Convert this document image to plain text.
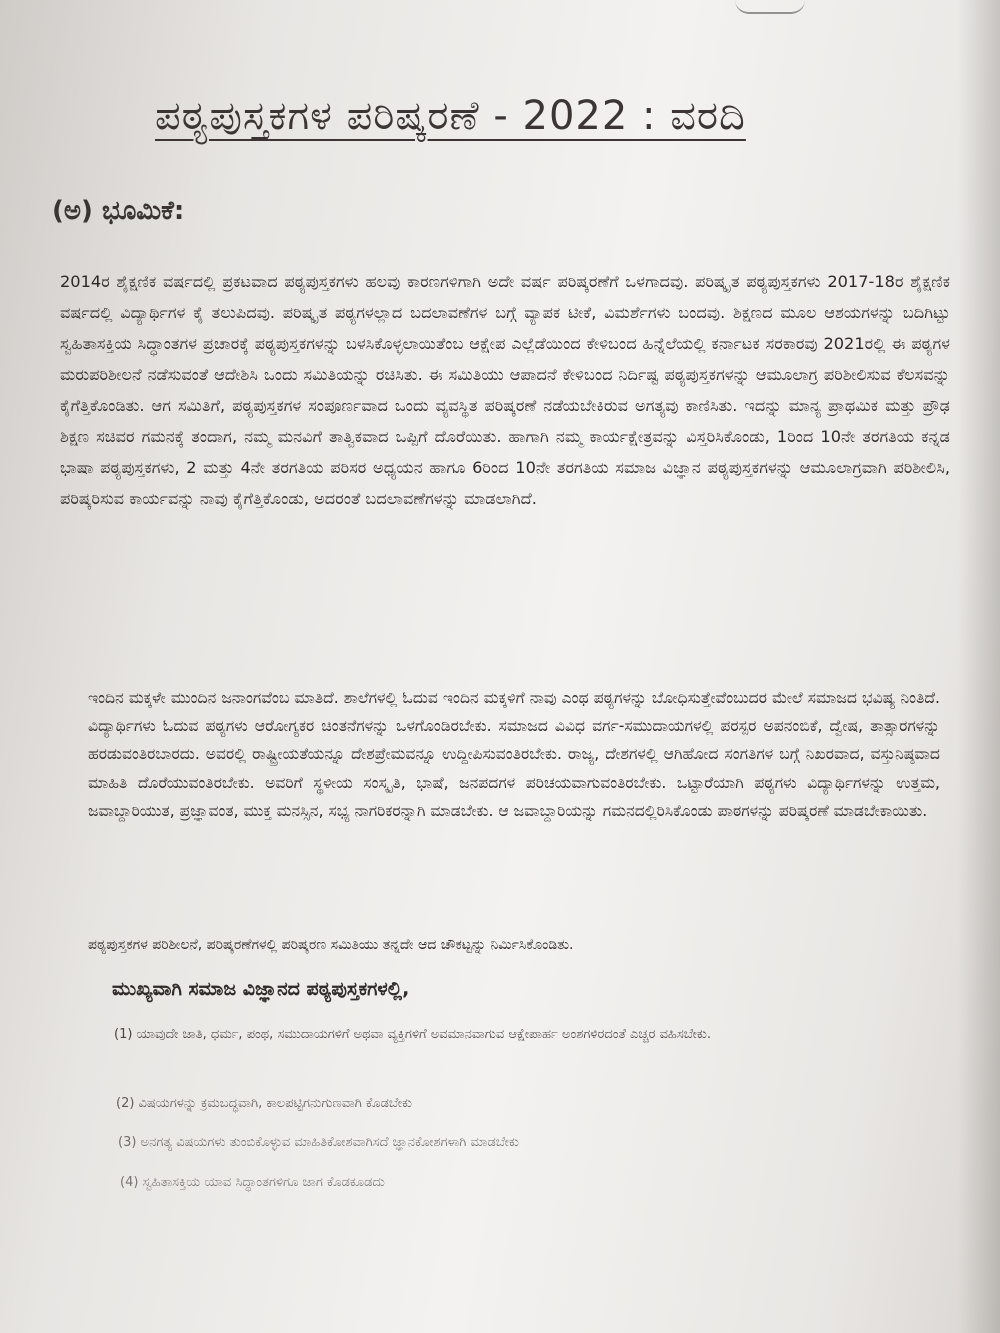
ಪಠ್ಯಪುಸ್ತಕಗಳ ಪರಿಷ್ಕರಣೆ - 2022 : ವರದಿ
(ಅ) ಭೂಮಿಕೆ:

2014ರ ಶೈಕ್ಷಣಿಕ ವರ್ಷದಲ್ಲಿ ಪ್ರಕಟವಾದ ಪಠ್ಯಪುಸ್ತಕಗಳು ಹಲವು ಕಾರಣಗಳಿಗಾಗಿ ಅದೇ ವರ್ಷ ಪರಿಷ್ಕರಣೆಗೆ ಒಳಗಾದವು. ಪರಿಷ್ಕೃತ ಪಠ್ಯಪುಸ್ತಕಗಳು 2017-18ರ ಶೈಕ್ಷಣಿಕ ವರ್ಷದಲ್ಲಿ ವಿದ್ಯಾರ್ಥಿಗಳ ಕೈ ತಲುಪಿದವು. ಪರಿಷ್ಕೃತ ಪಠ್ಯಗಳಲ್ಲಾದ ಬದಲಾವಣೆಗಳ ಬಗ್ಗೆ ವ್ಯಾಪಕ ಟೀಕೆ, ವಿಮರ್ಶೆಗಳು ಬಂದವು. ಶಿಕ್ಷಣದ ಮೂಲ ಆಶಯಗಳನ್ನು ಬದಿಗಿಟ್ಟು ಸ್ವಹಿತಾಸಕ್ತಿಯ ಸಿದ್ಧಾಂತಗಳ ಪ್ರಚಾರಕ್ಕೆ ಪಠ್ಯಪುಸ್ತಕಗಳನ್ನು ಬಳಸಿಕೊಳ್ಳಲಾಯಿತೆಂಬ ಆಕ್ಷೇಪ ಎಲ್ಲೆಡೆಯಿಂದ ಕೇಳಿಬಂದ ಹಿನ್ನೆಲೆಯಲ್ಲಿ ಕರ್ನಾಟಕ ಸರಕಾರವು 2021ರಲ್ಲಿ ಈ ಪಠ್ಯಗಳ ಮರುಪರಿಶೀಲನೆ ನಡೆಸುವಂತೆ ಆದೇಶಿಸಿ ಒಂದು ಸಮಿತಿಯನ್ನು ರಚಿಸಿತು. ಈ ಸಮಿತಿಯು ಆಪಾದನೆ ಕೇಳಿಬಂದ ನಿರ್ದಿಷ್ಟ ಪಠ್ಯಪುಸ್ತಕಗಳನ್ನು ಆಮೂಲಾಗ್ರ ಪರಿಶೀಲಿಸುವ ಕೆಲಸವನ್ನು ಕೈಗೆತ್ತಿಕೊಂಡಿತು. ಆಗ ಸಮಿತಿಗೆ, ಪಠ್ಯಪುಸ್ತಕಗಳ ಸಂಪೂರ್ಣವಾದ ಒಂದು ವ್ಯವಸ್ಥಿತ ಪರಿಷ್ಕರಣೆ ನಡೆಯಬೇಕಿರುವ ಅಗತ್ಯವು ಕಾಣಿಸಿತು. ಇದನ್ನು ಮಾನ್ಯ ಪ್ರಾಥಮಿಕ ಮತ್ತು ಪ್ರೌಢ ಶಿಕ್ಷಣ ಸಚಿವರ ಗಮನಕ್ಕೆ ತಂದಾಗ, ನಮ್ಮ ಮನವಿಗೆ ತಾತ್ವಿಕವಾದ ಒಪ್ಪಿಗೆ ದೊರೆಯಿತು. ಹಾಗಾಗಿ ನಮ್ಮ ಕಾರ್ಯಕ್ಷೇತ್ರವನ್ನು ವಿಸ್ತರಿಸಿಕೊಂಡು, 1ರಿಂದ 10ನೇ ತರಗತಿಯ ಕನ್ನಡ ಭಾಷಾ ಪಠ್ಯಪುಸ್ತಕಗಳು, 2 ಮತ್ತು 4ನೇ ತರಗತಿಯ ಪರಿಸರ ಅಧ್ಯಯನ ಹಾಗೂ 6ರಿಂದ 10ನೇ ತರಗತಿಯ ಸಮಾಜ ವಿಜ್ಞಾನ ಪಠ್ಯಪುಸ್ತಕಗಳನ್ನು ಆಮೂಲಾಗ್ರವಾಗಿ ಪರಿಶೀಲಿಸಿ, ಪರಿಷ್ಕರಿಸುವ ಕಾರ್ಯವನ್ನು ನಾವು ಕೈಗೆತ್ತಿಕೊಂಡು, ಅದರಂತೆ ಬದಲಾವಣೆಗಳನ್ನು ಮಾಡಲಾಗಿದೆ.

ಇಂದಿನ ಮಕ್ಕಳೇ ಮುಂದಿನ ಜನಾಂಗವೆಂಬ ಮಾತಿದೆ. ಶಾಲೆಗಳಲ್ಲಿ ಓದುವ ಇಂದಿನ ಮಕ್ಕಳಿಗೆ ನಾವು ಎಂಥ ಪಠ್ಯಗಳನ್ನು ಬೋಧಿಸುತ್ತೇವೆಂಬುದರ ಮೇಲೆ ಸಮಾಜದ ಭವಿಷ್ಯ ನಿಂತಿದೆ. ವಿದ್ಯಾರ್ಥಿಗಳು ಓದುವ ಪಠ್ಯಗಳು ಆರೋಗ್ಯಕರ ಚಿಂತನೆಗಳನ್ನು ಒಳಗೊಂಡಿರಬೇಕು. ಸಮಾಜದ ವಿವಿಧ ವರ್ಗ-ಸಮುದಾಯಗಳಲ್ಲಿ ಪರಸ್ಪರ ಅಪನಂಬಿಕೆ, ದ್ವೇಷ, ತಾತ್ಸಾರಗಳನ್ನು ಹರಡುವಂತಿರಬಾರದು. ಅವರಲ್ಲಿ ರಾಷ್ಟ್ರೀಯತೆಯನ್ನೂ ದೇಶಪ್ರೇಮವನ್ನೂ ಉದ್ದೀಪಿಸುವಂತಿರಬೇಕು. ರಾಜ್ಯ, ದೇಶಗಳಲ್ಲಿ ಆಗಿಹೋದ ಸಂಗತಿಗಳ ಬಗ್ಗೆ ನಿಖರವಾದ, ವಸ್ತುನಿಷ್ಠವಾದ ಮಾಹಿತಿ ದೊರೆಯುವಂತಿರಬೇಕು. ಅವರಿಗೆ ಸ್ಥಳೀಯ ಸಂಸ್ಕೃತಿ, ಭಾಷೆ, ಜನಪದಗಳ ಪರಿಚಯವಾಗುವಂತಿರಬೇಕು. ಒಟ್ಟಾರೆಯಾಗಿ ಪಠ್ಯಗಳು ವಿದ್ಯಾರ್ಥಿಗಳನ್ನು ಉತ್ತಮ, ಜವಾಬ್ದಾರಿಯುತ, ಪ್ರಜ್ಞಾವಂತ, ಮುಕ್ತ ಮನಸ್ಸಿನ, ಸಭ್ಯ ನಾಗರಿಕರನ್ನಾಗಿ ಮಾಡಬೇಕು. ಆ ಜವಾಬ್ದಾರಿಯನ್ನು ಗಮನದಲ್ಲಿರಿಸಿಕೊಂಡು ಪಾಠಗಳನ್ನು ಪರಿಷ್ಕರಣೆ ಮಾಡಬೇಕಾಯಿತು.

ಪಠ್ಯಪುಸ್ತಕಗಳ ಪರಿಶೀಲನೆ, ಪರಿಷ್ಕರಣೆಗಳಲ್ಲಿ ಪರಿಷ್ಕರಣ ಸಮಿತಿಯು ತನ್ನದೇ ಆದ ಚೌಕಟ್ಟನ್ನು ನಿರ್ಮಿಸಿಕೊಂಡಿತು.

ಮುಖ್ಯವಾಗಿ ಸಮಾಜ ವಿಜ್ಞಾನದ ಪಠ್ಯಪುಸ್ತಕಗಳಲ್ಲಿ,

(1) ಯಾವುದೇ ಜಾತಿ, ಧರ್ಮ, ಪಂಥ, ಸಮುದಾಯಗಳಿಗೆ ಅಥವಾ ವ್ಯಕ್ತಿಗಳಿಗೆ ಅವಮಾನವಾಗುವ ಆಕ್ಷೇಪಾರ್ಹ ಅಂಶಗಳಿರದಂತೆ ಎಚ್ಚರ ವಹಿಸಬೇಕು.

(2) ವಿಷಯಗಳನ್ನು ಕ್ರಮಬದ್ಧವಾಗಿ, ಕಾಲಪಟ್ಟಿಗನುಗುಣವಾಗಿ ಕೊಡಬೇಕು

(3) ಅನಗತ್ಯ ವಿಷಯಗಳು ತುಂಬಿಕೊಳ್ಳುವ ಮಾಹಿತಿಕೋಶವಾಗಿಸದೆ ಜ್ಞಾನಕೋಶಗಳಾಗಿ ಮಾಡಬೇಕು

(4) ಸ್ವಹಿತಾಸಕ್ತಿಯ ಯಾವ ಸಿದ್ಧಾಂತಗಳಿಗೂ ಜಾಗ ಕೊಡಕೂಡದು
